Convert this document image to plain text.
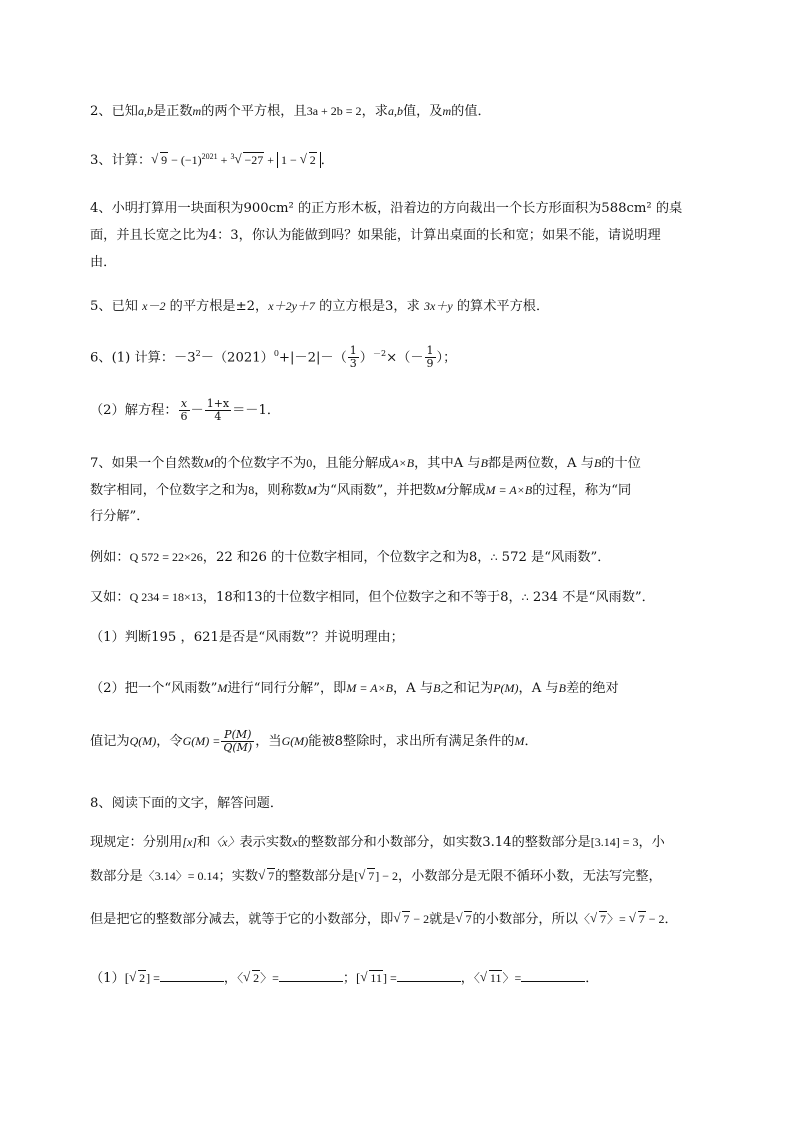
2、已知a,b是正数m的两个平方根，且3a + 2b = 2，求a,b值，及m的值．
3、计算：√ $9 - (-1)^{2021} + ^3√ -27 + 1$ − √ 2 ．
4、小明打算用一块面积为900cm² 的正方形木板，沿着边的方向裁出一个长方形面积为588cm² 的桌
面，并且长宽之比为4：3，你认为能做到吗？如果能，计算出桌面的长和宽；如果不能，请说明理
由．
5、已知 x－2 的平方根是±2，x＋2y＋7 的立方根是3，求 3x＋y 的算术平方根．
6、(1) 计算：$-3^2-(2021)^0+|-2|-( \frac{1}{3} )^{-2}\times(- \frac{1}{9}$ ）；
（2）解方程： $\frac{x}{6} - \frac{1+x}{4} =-1$．
7、如果一个自然数M的个位数字不为0，且能分解成A×B，其中A 与B都是两位数，A 与B的十位
数字相同，个位数字之和为8，则称数M为“风雨数”，并把数M分解成M = A×B的过程，称为“同
行分解”．
例如：Q 572 = 22×26，22 和26 的十位数字相同，个位数字之和为8，∴ 572 是“风雨数”．
又如：Q 234 = 18×13，18和13的十位数字相同，但个位数字之和不等于8，∴ 234 不是“风雨数”．
（1）判断195 ，621是否是“风雨数”？并说明理由；
（2）把一个“风雨数”M进行“同行分解”，即M = A×B，A 与B之和记为P(M)，A 与B差的绝对
值记为Q(M)，令$G(M) = \frac{P(M)}{Q(M)}$ ，当G(M)能被8整除时，求出所有满足条件的M．
8、阅读下面的文字，解答问题．
现规定：分别用[x]和〈x〉表示实数x的整数部分和小数部分，如实数3.14的整数部分是[3.14] = 3，小
数部分是〈3.14〉= 0.14；实数√ 7的整数部分是[√ 7] − 2，小数部分是无限不循环小数，无法写完整，
但是把它的整数部分减去，就等于它的小数部分，即√ 7 − 2就是√ 7的小数部分，所以〈√ 7〉= √ 7 − 2．
（1）[√ 2] =	，〈√ 2〉=	；[√ 11] =	，〈√ 11〉=	．
